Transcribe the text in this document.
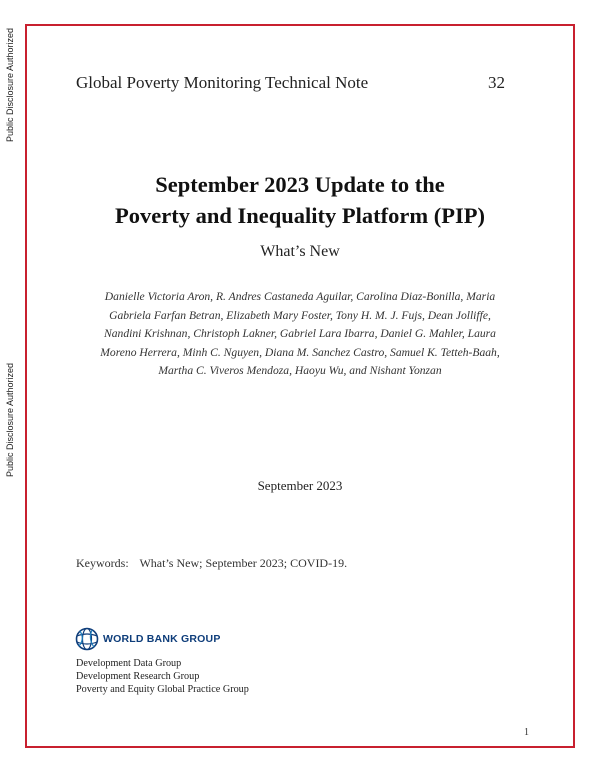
Public Disclosure Authorized
Public Disclosure Authorized
Global Poverty Monitoring Technical Note	32
September 2023 Update to the
Poverty and Inequality Platform (PIP)
What’s New
Danielle Victoria Aron, R. Andres Castaneda Aguilar, Carolina Diaz-Bonilla, Maria
Gabriela Farfan Betran, Elizabeth Mary Foster, Tony H. M. J. Fujs, Dean Jolliffe,
Nandini Krishnan, Christoph Lakner, Gabriel Lara Ibarra, Daniel G. Mahler, Laura
Moreno Herrera, Minh C. Nguyen, Diana M. Sanchez Castro, Samuel K. Tetteh-Baah,
Martha C. Viveros Mendoza, Haoyu Wu, and Nishant Yonzan
September 2023
Keywords: What’s New; September 2023; COVID-19.
WORLD BANK GROUP
Development Data Group
Development Research Group
Poverty and Equity Global Practice Group
1
